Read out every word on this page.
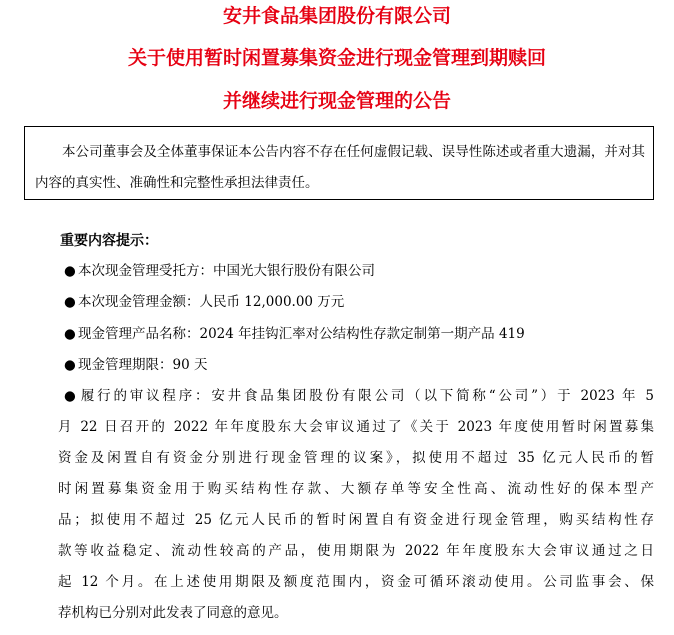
安井食品集团股份有限公司
关于使用暂时闲置募集资金进行现金管理到期赎回
并继续进行现金管理的公告
本公司董事会及全体董事保证本公告内容不存在任何虚假记载、误导性陈述或者重大遗漏，并对其内容的真实性、准确性和完整性承担法律责任。
重要内容提示：
● 本次现金管理受托方：中国光大银行股份有限公司
● 本次现金管理金额：人民币 12,000.00 万元
● 现金管理产品名称：2024 年挂钩汇率对公结构性存款定制第一期产品 419
● 现金管理期限：90 天
● 履行的审议程序：安井食品集团股份有限公司（以下简称“公司”）于 2023 年 5
月 22 日召开的 2022 年年度股东大会审议通过了《关于 2023 年度使用暂时闲置募集
资金及闲置自有资金分别进行现金管理的议案》，拟使用不超过 35 亿元人民币的暂
时闲置募集资金用于购买结构性存款、大额存单等安全性高、流动性好的保本型产
品；拟使用不超过 25 亿元人民币的暂时闲置自有资金进行现金管理，购买结构性存
款等收益稳定、流动性较高的产品，使用期限为 2022 年年度股东大会审议通过之日
起 12 个月。在上述使用期限及额度范围内，资金可循环滚动使用。公司监事会、保
荐机构已分别对此发表了同意的意见。
